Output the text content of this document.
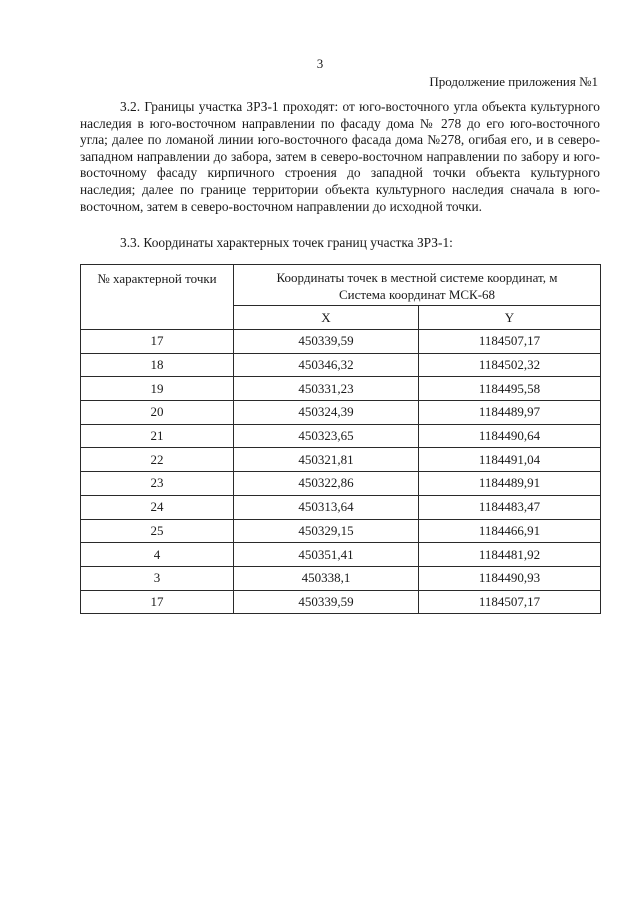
3
Продолжение приложения №1

3.2. Границы участка ЗРЗ-1 проходят: от юго-восточного угла объекта культурного наследия в юго-восточном направлении по фасаду дома № 278 до его юго-восточного угла; далее по ломаной линии юго-восточного фасада дома №278, огибая его, и в северо-западном направлении до забора, затем в северо-восточном направлении по забору и юго-восточному фасаду кирпичного строения до западной точки объекта культурного наследия; далее по границе территории объекта культурного наследия сначала в юго-восточном, затем в северо-восточном направлении до исходной точки.

3.3. Координаты характерных точек границ участка ЗРЗ-1:

№ характерной точки	Координаты точек в местной системе координат, м
Система координат МСК-68	

	X	Y
17	450339,59	1184507,17
18	450346,32	1184502,32
19	450331,23	1184495,58
20	450324,39	1184489,97
21	450323,65	1184490,64
22	450321,81	1184491,04
23	450322,86	1184489,91
24	450313,64	1184483,47
25	450329,15	1184466,91
4	450351,41	1184481,92
3	450338,1	1184490,93
17	450339,59	1184507,17
